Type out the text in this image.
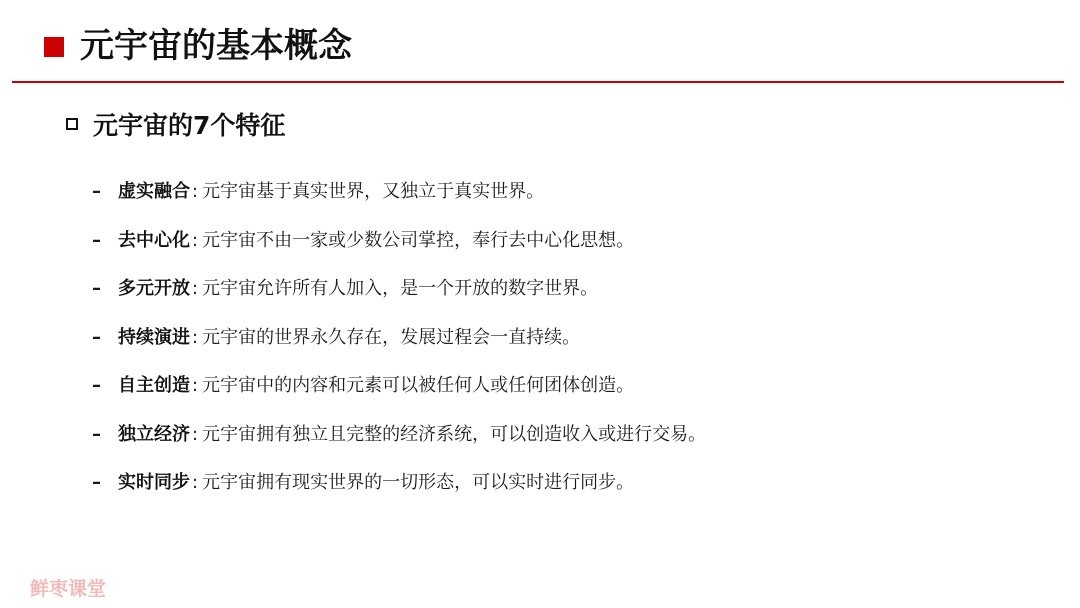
元宇宙的基本概念
元宇宙的7个特征
– 虚实融合 : 元宇宙基于真实世界，又独立于真实世界。
– 去中心化 : 元宇宙不由一家或少数公司掌控，奉行去中心化思想。
– 多元开放 : 元宇宙允许所有人加入，是一个开放的数字世界。
– 持续演进 : 元宇宙的世界永久存在，发展过程会一直持续。
– 自主创造 : 元宇宙中的内容和元素可以被任何人或任何团体创造。
– 独立经济 : 元宇宙拥有独立且完整的经济系统，可以创造收入或进行交易。
– 实时同步 : 元宇宙拥有现实世界的一切形态，可以实时进行同步。
鲜枣课堂
